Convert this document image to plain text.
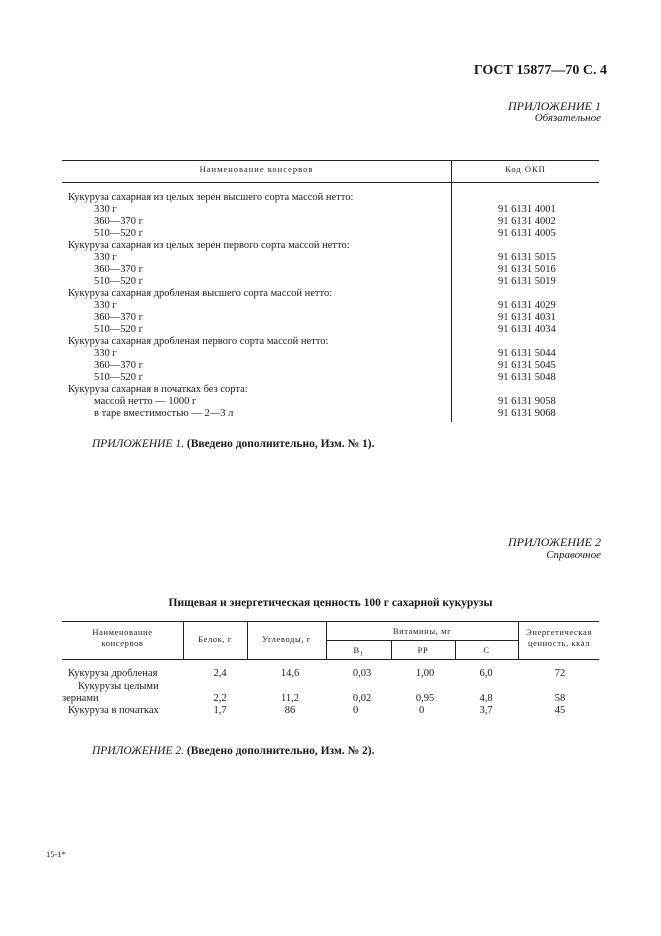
ГОСТ 15877—70 С. 4
ПРИЛОЖЕНИЕ 1
Обязательное
Наименование консервов	Код ОКП
Кукуруза сахарная из целых зерен высшего сорта массой нетто:
330 г	91 6131 4001
360—370 г	91 6131 4002
510—520 г	91 6131 4005
Кукуруза сахарная из целых зерен первого сорта массой нетто:
330 г	91 6131 5015
360—370 г	91 6131 5016
510—520 г	91 6131 5019
Кукуруза сахарная дробленая высшего сорта массой нетто:
330 г	91 6131 4029
360—370 г	91 6131 4031
510—520 г	91 6131 4034
Кукуруза сахарная дробленая первого сорта массой нетто:
330 г	91 6131 5044
360—370 г	91 6131 5045
510—520 г	91 6131 5048
Кукуруза сахарная в початках без сорта:
массой нетто — 1000 г	91 6131 9058
в таре вместимостью — 2—3 л	91 6131 9068
ПРИЛОЖЕНИЕ 1. (Введено дополнительно, Изм. № 1).
ПРИЛОЖЕНИЕ 2
Справочное
Пищевая и энергетическая ценность 100 г сахарной кукурузы
Наименование
консервов	Белок, г	Углеводы, г
Витамины, мг
$B_1$	PP	C
Энергетическая
ценность, ккал
Кукуруза дробленая	2,4	14,6	0,03	1,00	6,0	72
Кукурузы целыми
зернами	2,2	11,2	0,02	0,95	4,8	58
Кукуруза в початках	1,7	86	0	0	3,7	45
ПРИЛОЖЕНИЕ 2. (Введено дополнительно, Изм. № 2).
15-1*
